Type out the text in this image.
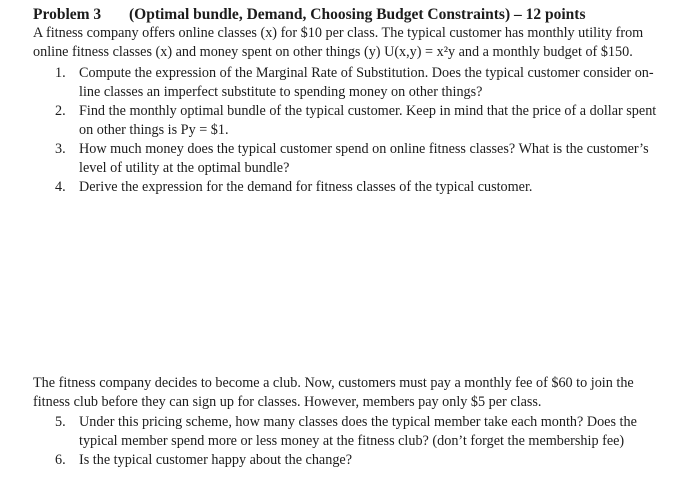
Problem 3 (Optimal bundle, Demand, Choosing Budget Constraints) – 12 points
A fitness company offers online classes (x) for $10 per class. The typical customer has monthly utility from
online fitness classes (x) and money spent on other things (y) U(x,y) = x²y and a monthly budget of $150.
1. Compute the expression of the Marginal Rate of Substitution. Does the typical customer consider on-
line classes an imperfect substitute to spending money on other things?
2. Find the monthly optimal bundle of the typical customer. Keep in mind that the price of a dollar spent
on other things is Py = $1.
3. How much money does the typical customer spend on online fitness classes? What is the customer’s
level of utility at the optimal bundle?
4. Derive the expression for the demand for fitness classes of the typical customer.
The fitness company decides to become a club. Now, customers must pay a monthly fee of $60 to join the
fitness club before they can sign up for classes. However, members pay only $5 per class.
5. Under this pricing scheme, how many classes does the typical member take each month? Does the
typical member spend more or less money at the fitness club? (don’t forget the membership fee)
6. Is the typical customer happy about the change?
